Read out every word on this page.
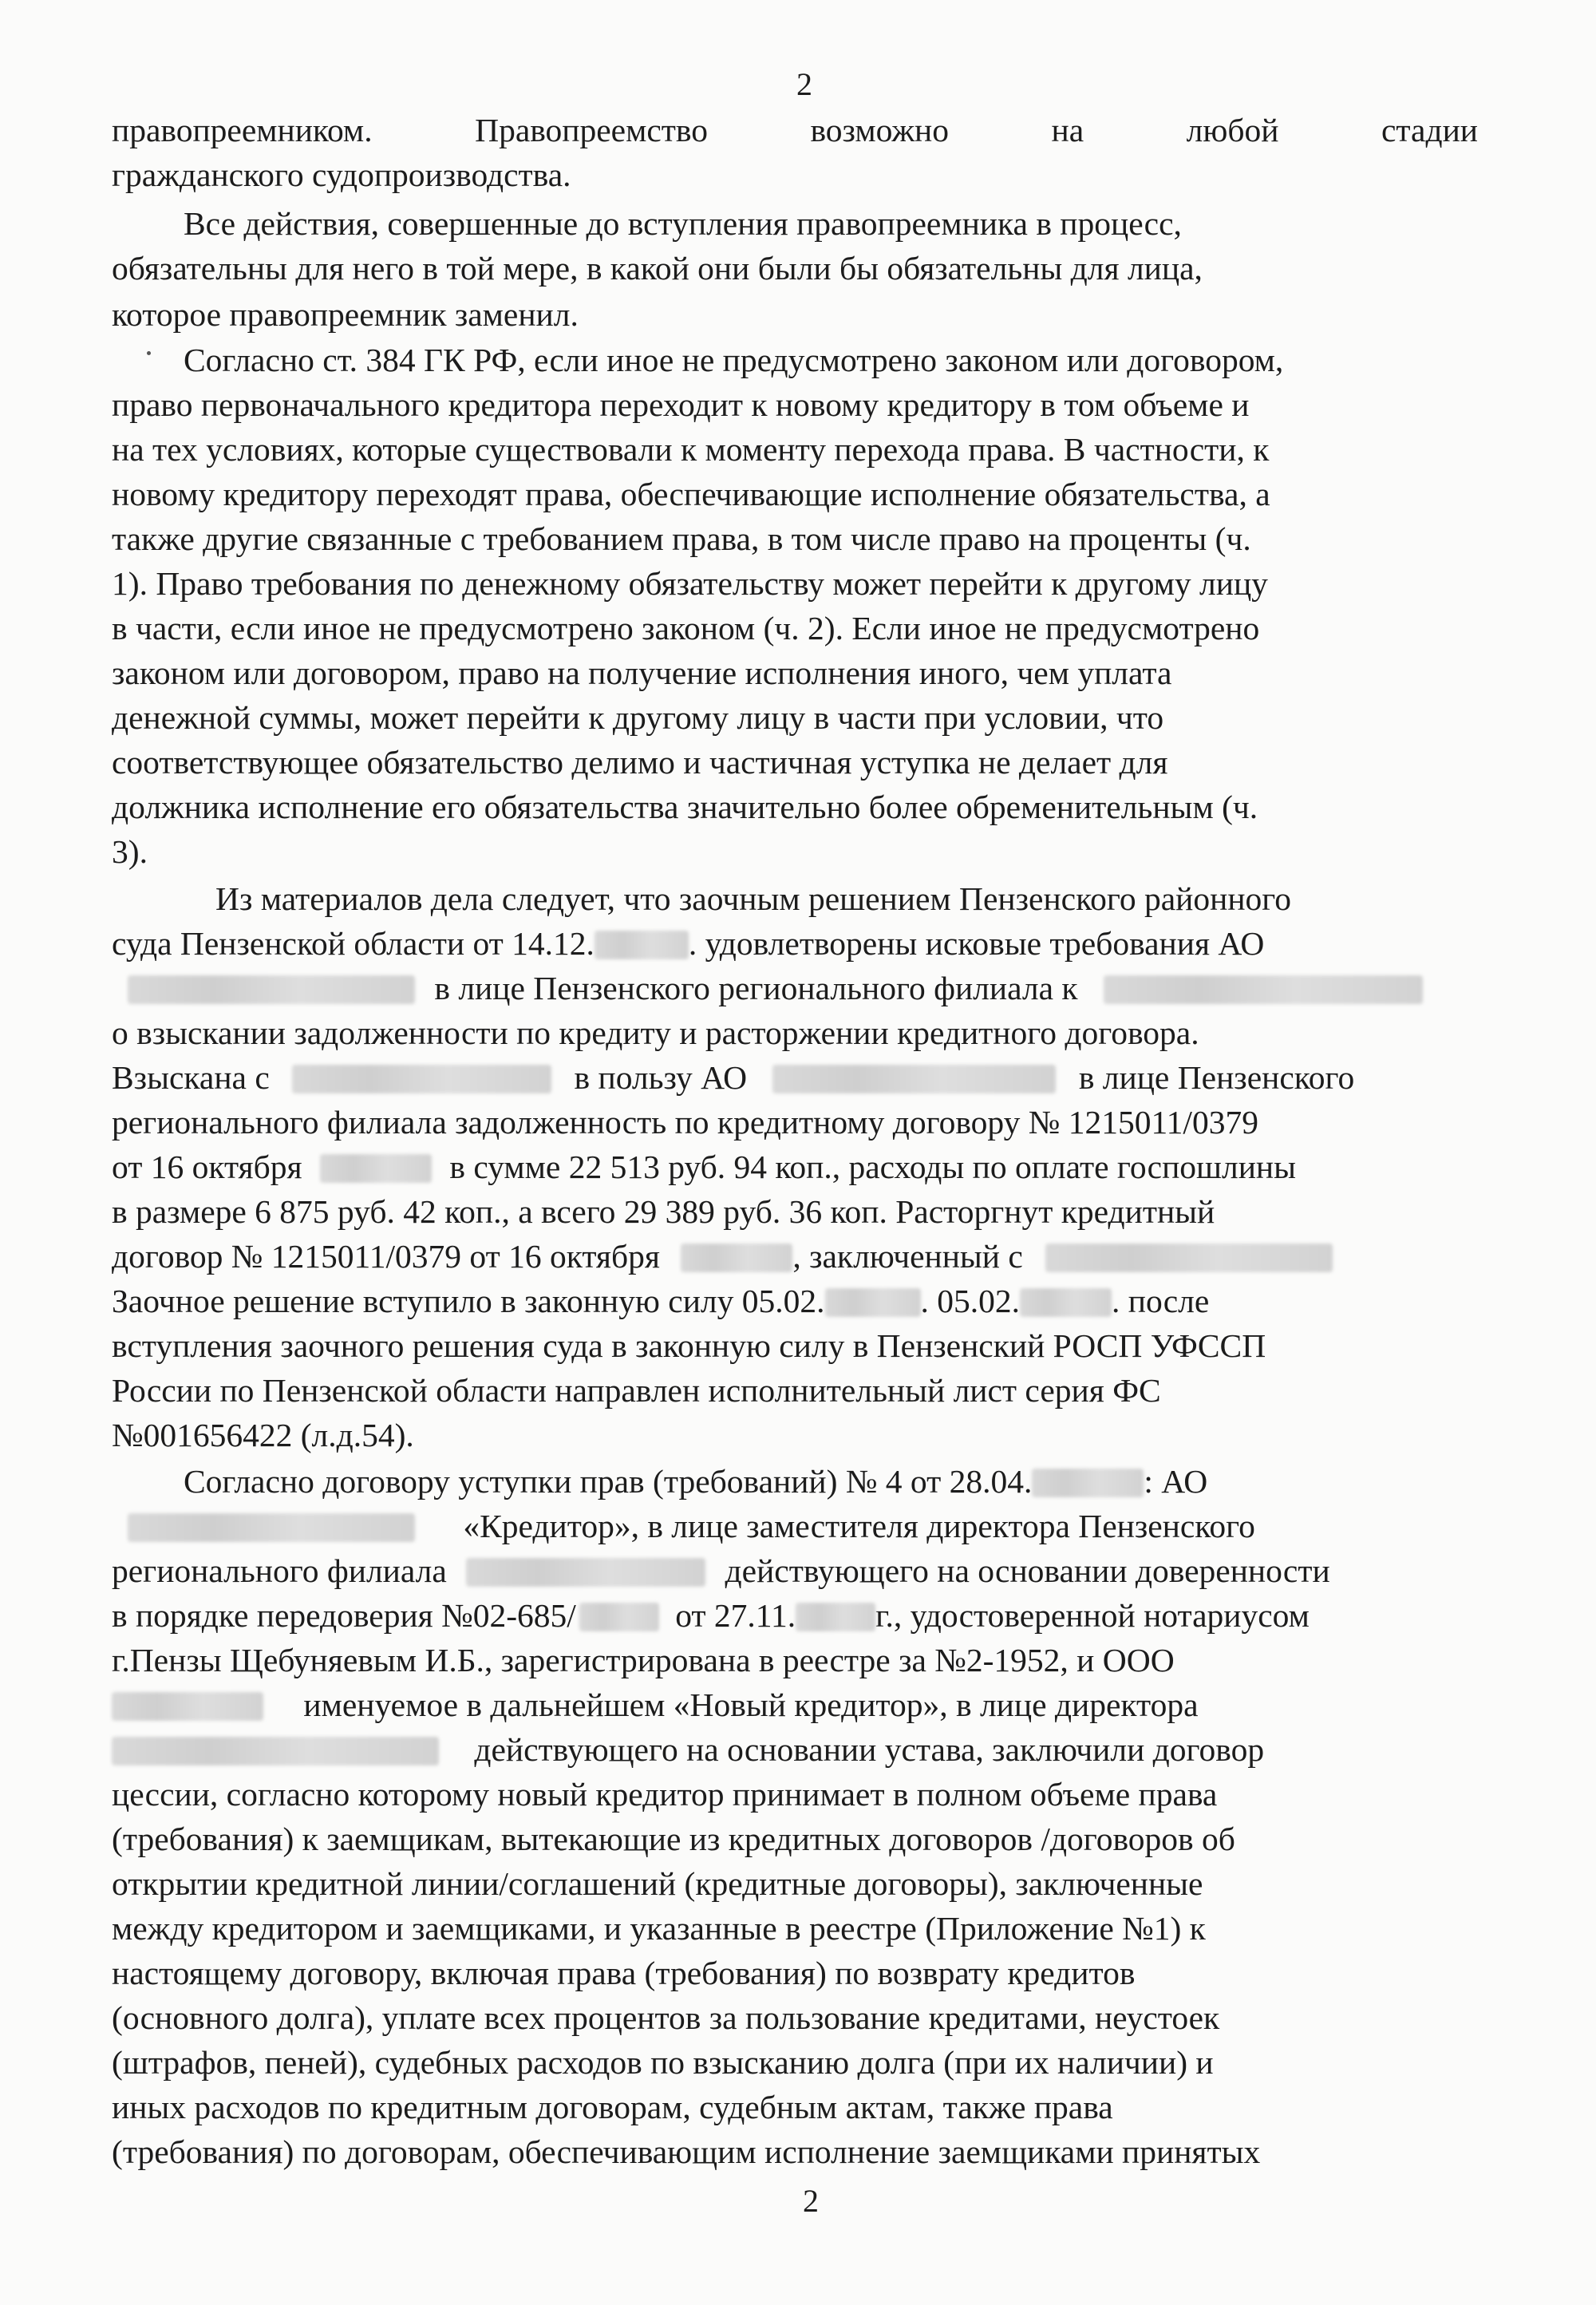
2
правопреемником.	Правопреемство	возможно	на	любой	стадии
гражданского судопроизводства.
Все действия, совершенные до вступления правопреемника в процесс,
обязательны для него в той мере, в какой они были бы обязательны для лица,
которое правопреемник заменил.
Согласно ст. 384 ГК РФ, если иное не предусмотрено законом или договором,
право первоначального кредитора переходит к новому кредитору в том объеме и
на тех условиях, которые существовали к моменту перехода права. В частности, к
новому кредитору переходят права, обеспечивающие исполнение обязательства, а
также другие связанные с требованием права, в том числе право на проценты (ч.
1). Право требования по денежному обязательству может перейти к другому лицу
в части, если иное не предусмотрено законом (ч. 2). Если иное не предусмотрено
законом или договором, право на получение исполнения иного, чем уплата
денежной суммы, может перейти к другому лицу в части при условии, что
соответствующее обязательство делимо и частичная уступка не делает для
должника исполнение его обязательства значительно более обременительным (ч.
3).
Из материалов дела следует, что заочным решением Пензенского районного
суда Пензенской области от 14.12.	. удовлетворены исковые требования АО
в лице Пензенского регионального филиала к
о взыскании задолженности по кредиту и расторжении кредитного договора.
Взыскана с	в пользу АО	в лице Пензенского
регионального филиала задолженность по кредитному договору № 1215011/0379
от 16 октября	в сумме 22 513 руб. 94 коп., расходы по оплате госпошлины
в размере 6 875 руб. 42 коп., а всего 29 389 руб. 36 коп. Расторгнут кредитный
договор № 1215011/0379 от 16 октября	, заключенный с
Заочное решение вступило в законную силу 05.02.	. 05.02.	. после
вступления заочного решения суда в законную силу в Пензенский РОСП УФССП
России по Пензенской области направлен исполнительный лист серия ФС
№001656422 (л.д.54).
Согласно договору уступки прав (требований) № 4 от 28.04.	: АО
«Кредитор», в лице заместителя директора Пензенского
регионального филиала	действующего на основании доверенности
в порядке передоверия №02-685/	от 27.11. г., удостоверенной нотариусом
г.Пензы Щебуняевым И.Б., зарегистрирована в реестре за №2-1952, и ООО
именуемое в дальнейшем «Новый кредитор», в лице директора
действующего на основании устава, заключили договор
цессии, согласно которому новый кредитор принимает в полном объеме права
(требования) к заемщикам, вытекающие из кредитных договоров /договоров об
открытии кредитной линии/соглашений (кредитные договоры), заключенные
между кредитором и заемщиками, и указанные в реестре (Приложение №1) к
настоящему договору, включая права (требования) по возврату кредитов
(основного долга), уплате всех процентов за пользование кредитами, неустоек
(штрафов, пеней), судебных расходов по взысканию долга (при их наличии) и
иных расходов по кредитным договорам, судебным актам, также права
(требования) по договорам, обеспечивающим исполнение заемщиками принятых
2
